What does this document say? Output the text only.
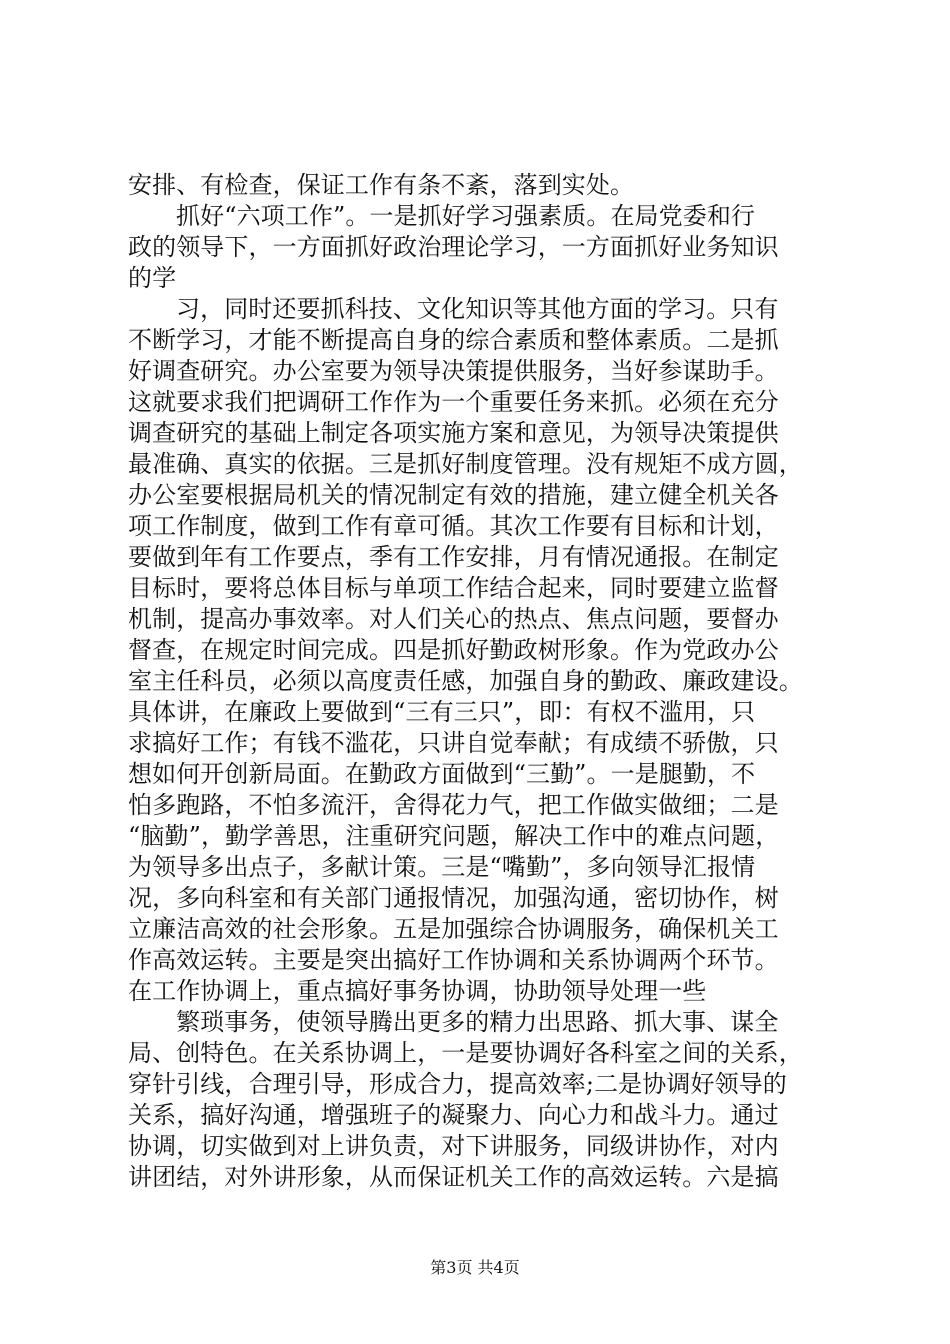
安排、有检查，保证工作有条不紊，落到实处。
抓好“六项工作”。一是抓好学习强素质。在局党委和行
政的领导下，一方面抓好政治理论学习，一方面抓好业务知识
的学
习，同时还要抓科技、文化知识等其他方面的学习。只有
不断学习，才能不断提高自身的综合素质和整体素质。二是抓
好调查研究。办公室要为领导决策提供服务，当好参谋助手。
这就要求我们把调研工作作为一个重要任务来抓。必须在充分
调查研究的基础上制定各项实施方案和意见，为领导决策提供
最准确、真实的依据。三是抓好制度管理。没有规矩不成方圆，
办公室要根据局机关的情况制定有效的措施，建立健全机关各
项工作制度，做到工作有章可循。其次工作要有目标和计划，
要做到年有工作要点，季有工作安排，月有情况通报。在制定
目标时，要将总体目标与单项工作结合起来，同时要建立监督
机制，提高办事效率。对人们关心的热点、焦点问题，要督办
督查，在规定时间完成。四是抓好勤政树形象。作为党政办公
室主任科员，必须以高度责任感，加强自身的勤政、廉政建设。
具体讲，在廉政上要做到“三有三只”，即：有权不滥用，只
求搞好工作；有钱不滥花，只讲自觉奉献；有成绩不骄傲，只
想如何开创新局面。在勤政方面做到“三勤”。一是腿勤，不
怕多跑路，不怕多流汗，舍得花力气，把工作做实做细；二是
“脑勤”，勤学善思，注重研究问题，解决工作中的难点问题，
为领导多出点子，多献计策。三是“嘴勤”，多向领导汇报情
况，多向科室和有关部门通报情况，加强沟通，密切协作，树
立廉洁高效的社会形象。五是加强综合协调服务，确保机关工
作高效运转。主要是突出搞好工作协调和关系协调两个环节。
在工作协调上，重点搞好事务协调，协助领导处理一些
繁琐事务，使领导腾出更多的精力出思路、抓大事、谋全
局、创特色。在关系协调上，一是要协调好各科室之间的关系，
穿针引线，合理引导，形成合力，提高效率;二是协调好领导的
关系，搞好沟通，增强班子的凝聚力、向心力和战斗力。通过
协调，切实做到对上讲负责，对下讲服务，同级讲协作，对内
讲团结，对外讲形象，从而保证机关工作的高效运转。六是搞
第3页 共4页
